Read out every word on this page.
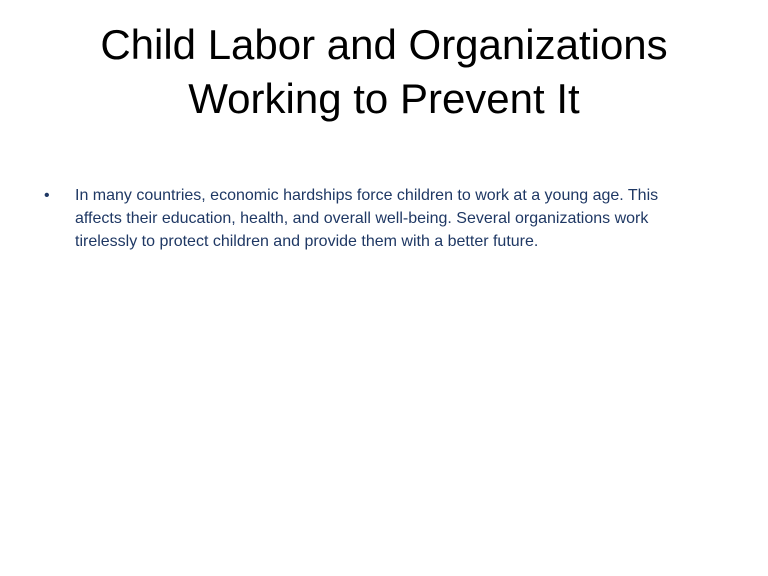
Child Labor and Organizations
Working to Prevent It
•	In many countries, economic hardships force children to work at a young age. This
affects their education, health, and overall well-being. Several organizations work
tirelessly to protect children and provide them with a better future.
